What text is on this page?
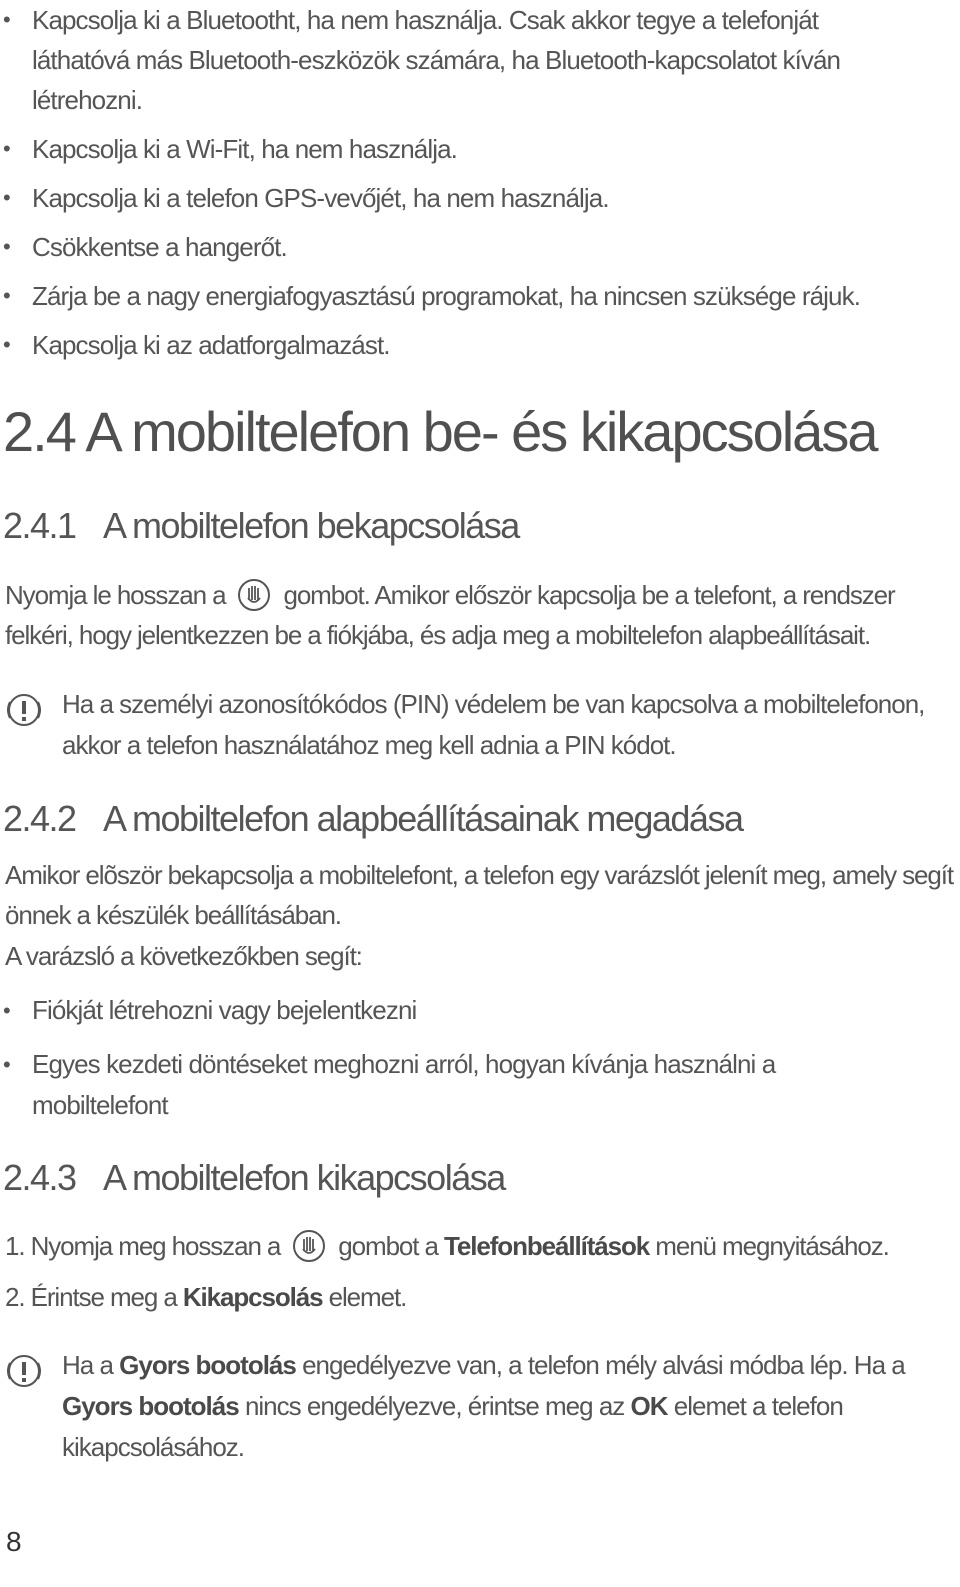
• Kapcsolja ki a Bluetootht, ha nem használja. Csak akkor tegye a telefonját láthatóvá más Bluetooth-eszközök számára, ha Bluetooth-kapcsolatot kíván létrehozni.
• Kapcsolja ki a Wi-Fit, ha nem használja.
• Kapcsolja ki a telefon GPS-vevőjét, ha nem használja.
• Csökkentse a hangerőt.
• Zárja be a nagy energiafogyasztású programokat, ha nincsen szüksége rájuk.
• Kapcsolja ki az adatforgalmazást.
2.4 A mobiltelefon be- és kikapcsolása
2.4.1 A mobiltelefon bekapcsolása
Nyomja le hosszan a gombot. Amikor először kapcsolja be a telefont, a rendszer felkéri, hogy jelentkezzen be a fiókjába, és adja meg a mobiltelefon alapbeállításait.
Ha a személyi azonosítókódos (PIN) védelem be van kapcsolva a mobiltelefonon, akkor a telefon használatához meg kell adnia a PIN kódot.
2.4.2 A mobiltelefon alapbeállításainak megadása
Amikor elõször bekapcsolja a mobiltelefont, a telefon egy varázslót jelenít meg, amely segít önnek a készülék beállításában.
A varázsló a következőkben segít:
• Fiókját létrehozni vagy bejelentkezni
• Egyes kezdeti döntéseket meghozni arról, hogyan kívánja használni a mobiltelefont
2.4.3 A mobiltelefon kikapcsolása
1. Nyomja meg hosszan a gombot a Telefonbeállítások menü megnyitásához.
2. Érintse meg a Kikapcsolás elemet.
Ha a Gyors bootolás engedélyezve van, a telefon mély alvási módba lép. Ha a Gyors bootolás nincs engedélyezve, érintse meg az OK elemet a telefon kikapcsolásához.
8
